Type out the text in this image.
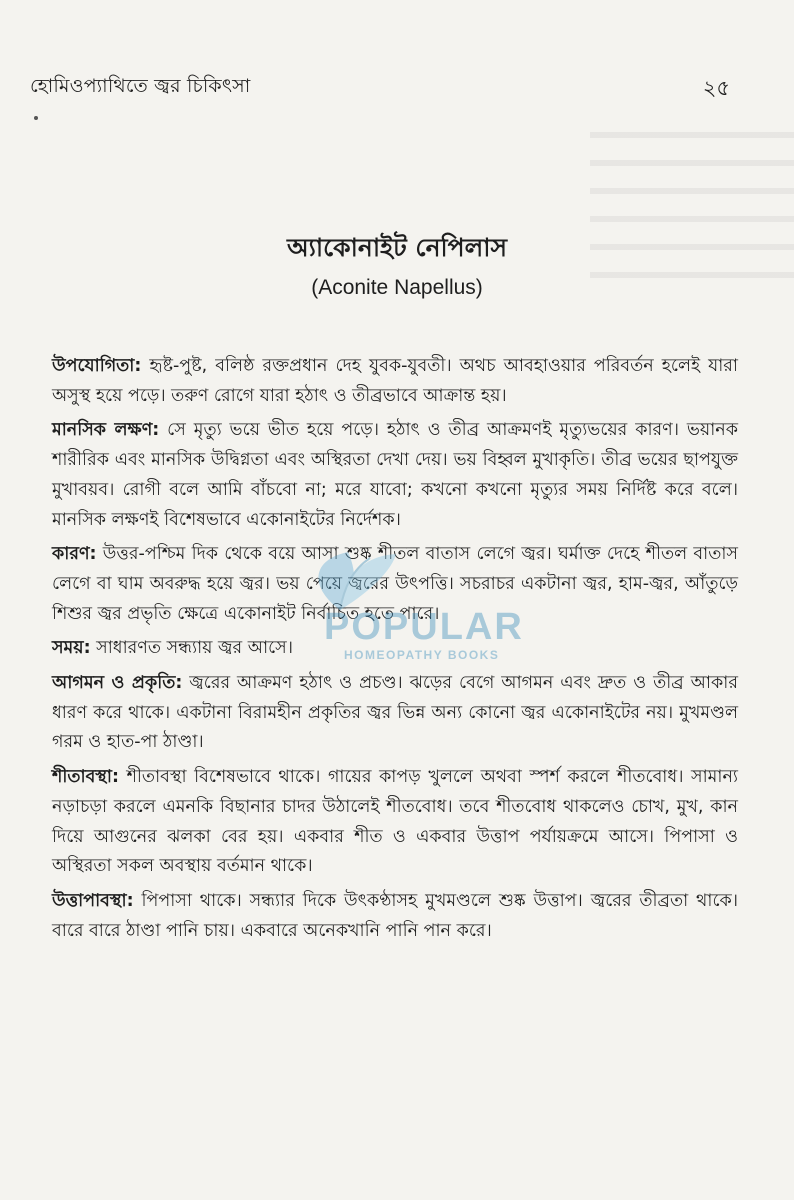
হোমিওপ্যাথিতে জ্বর চিকিৎসা	২৫
অ্যাকোনাইট নেপিলাস
(Aconite Napellus)

উপযোগিতা: হৃষ্ট-পুষ্ট, বলিষ্ঠ রক্তপ্রধান দেহ যুবক-যুবতী। অথচ আবহাওয়ার পরিবর্তন হলেই যারা অসুস্থ হয়ে পড়ে। তরুণ রোগে যারা হঠাৎ ও তীব্রভাবে আক্রান্ত হয়।

মানসিক লক্ষণ: সে মৃত্যু ভয়ে ভীত হয়ে পড়ে। হঠাৎ ও তীব্র আক্রমণই মৃত্যুভয়ের কারণ। ভয়ানক শারীরিক এবং মানসিক উদ্বিগ্নতা এবং অস্থিরতা দেখা দেয়। ভয় বিহ্বল মুখাকৃতি। তীব্র ভয়ের ছাপযুক্ত মুখাবয়ব। রোগী বলে আমি বাঁচবো না; মরে যাবো; কখনো কখনো মৃত্যুর সময় নির্দিষ্ট করে বলে। মানসিক লক্ষণই বিশেষভাবে একোনাইটের নির্দেশক।

কারণ: উত্তর-পশ্চিম দিক থেকে বয়ে আসা শুষ্ক শীতল বাতাস লেগে জ্বর। ঘর্মাক্ত দেহে শীতল বাতাস লেগে বা ঘাম অবরুদ্ধ হয়ে জ্বর। ভয় পেয়ে জ্বরের উৎপত্তি। সচরাচর একটানা জ্বর, হাম-জ্বর, আঁতুড়ে শিশুর জ্বর প্রভৃতি ক্ষেত্রে একোনাইট নির্বাচিত হতে পারে।

সময়: সাধারণত সন্ধ্যায় জ্বর আসে।

আগমন ও প্রকৃতি: জ্বরের আক্রমণ হঠাৎ ও প্রচণ্ড। ঝড়ের বেগে আগমন এবং দ্রুত ও তীব্র আকার ধারণ করে থাকে। একটানা বিরামহীন প্রকৃতির জ্বর ভিন্ন অন্য কোনো জ্বর একোনাইটের নয়। মুখমণ্ডল গরম ও হাত-পা ঠাণ্ডা।

শীতাবস্থা: শীতাবস্থা বিশেষভাবে থাকে। গায়ের কাপড় খুললে অথবা স্পর্শ করলে শীতবোধ। সামান্য নড়াচড়া করলে এমনকি বিছানার চাদর উঠালেই শীতবোধ। তবে শীতবোধ থাকলেও চোখ, মুখ, কান দিয়ে আগুনের ঝলকা বের হয়। একবার শীত ও একবার উত্তাপ পর্যায়ক্রমে আসে। পিপাসা ও অস্থিরতা সকল অবস্থায় বর্তমান থাকে।

উত্তাপাবস্থা: পিপাসা থাকে। সন্ধ্যার দিকে উৎকণ্ঠাসহ মুখমণ্ডলে শুষ্ক উত্তাপ। জ্বরের তীব্রতা থাকে। বারে বারে ঠাণ্ডা পানি চায়। একবারে অনেকখানি পানি পান করে।

POPULAR
HOMEOPATHY BOOKS
